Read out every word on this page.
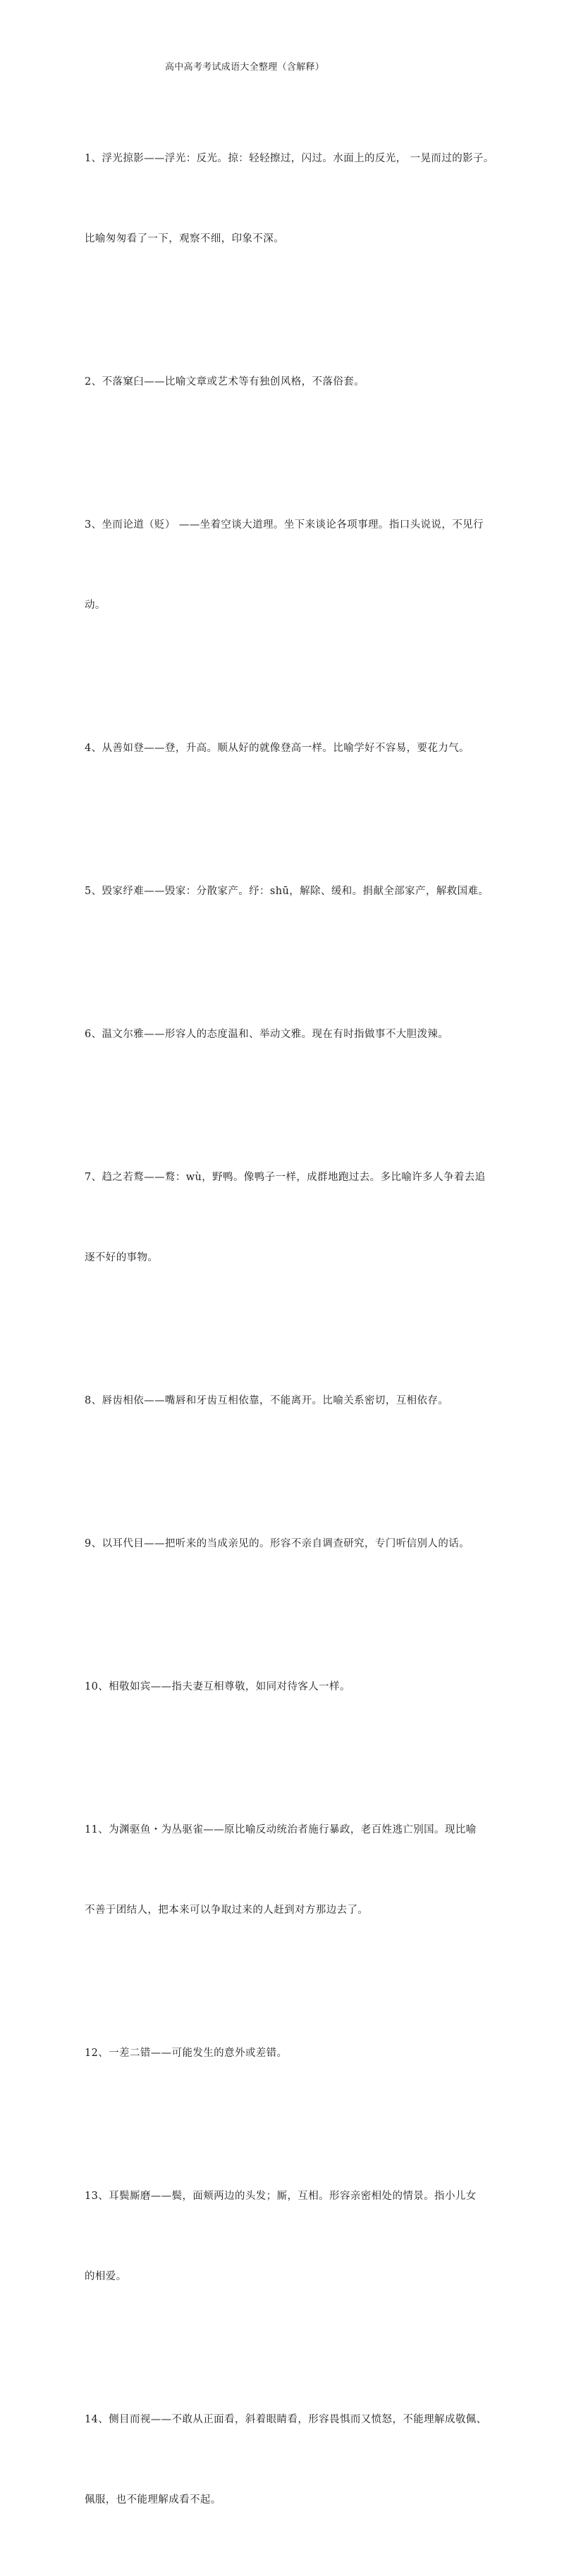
高中高考考试成语大全整理（含解释）

1、浮光掠影——浮光：反光。掠：轻轻擦过，闪过。水面上的反光， 一晃而过的影子。

比喻匆匆看了一下，观察不细，印象不深。

2、不落窠臼——比喻文章或艺术等有独创风格，不落俗套。

3、坐而论道（贬） ——坐着空谈大道理。坐下来谈论各项事理。指口头说说，不见行

动。

4、从善如登——登，升高。顺从好的就像登高一样。比喻学好不容易，要花力气。

5、毁家纾难——毁家：分散家产。纾：shū，解除、缓和。捐献全部家产，解救国难。

6、温文尔雅——形容人的态度温和、举动文雅。现在有时指做事不大胆泼辣。

7、趋之若鹜——鹜：wù，野鸭。像鸭子一样，成群地跑过去。多比喻许多人争着去追

逐不好的事物。

8、唇齿相依——嘴唇和牙齿互相依靠，不能离开。比喻关系密切，互相依存。

9、以耳代目——把听来的当成亲见的。形容不亲自调查研究，专门听信别人的话。

10、相敬如宾——指夫妻互相尊敬，如同对待客人一样。

11、为渊驱鱼・为丛驱雀——原比喻反动统治者施行暴政，老百姓逃亡别国。现比喻

不善于团结人，把本来可以争取过来的人赶到对方那边去了。

12、一差二错——可能发生的意外或差错。

13、耳鬓厮磨——鬓，面颊两边的头发；厮，互相。形容亲密相处的情景。指小儿女

的相爱。

14、侧目而视——不敢从正面看，斜着眼睛看，形容畏惧而又愤怒，不能理解成敬佩、

佩服，也不能理解成看不起。
